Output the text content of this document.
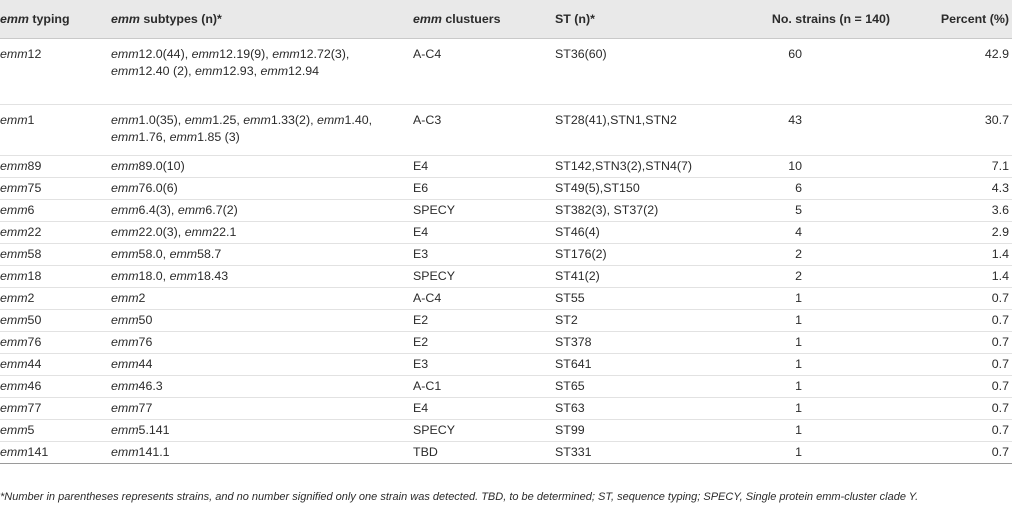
emm typing	emm subtypes (n)*	emm clustuers	ST (n)*	No. strains (n = 140)	Percent (%)
emm12	emm12.0(44), emm12.19(9), emm12.72(3), emm12.40 (2), emm12.93, emm12.94	A-C4	ST36(60)	60	42.9
emm1	emm1.0(35), emm1.25, emm1.33(2), emm1.40, emm1.76, emm1.85 (3)	A-C3	ST28(41),STN1,STN2	43	30.7
emm89	emm89.0(10)	E4	ST142,STN3(2),STN4(7)	10	7.1
emm75	emm76.0(6)	E6	ST49(5),ST150	6	4.3
emm6	emm6.4(3), emm6.7(2)	SPECY	ST382(3), ST37(2)	5	3.6
emm22	emm22.0(3), emm22.1	E4	ST46(4)	4	2.9
emm58	emm58.0, emm58.7	E3	ST176(2)	2	1.4
emm18	emm18.0, emm18.43	SPECY	ST41(2)	2	1.4
emm2	emm2	A-C4	ST55	1	0.7
emm50	emm50	E2	ST2	1	0.7
emm76	emm76	E2	ST378	1	0.7
emm44	emm44	E3	ST641	1	0.7
emm46	emm46.3	A-C1	ST65	1	0.7
emm77	emm77	E4	ST63	1	0.7
emm5	emm5.141	SPECY	ST99	1	0.7
emm141	emm141.1	TBD	ST331	1	0.7
*Number in parentheses represents strains, and no number signified only one strain was detected. TBD, to be determined; ST, sequence typing; SPECY, Single protein emm-cluster clade Y.
